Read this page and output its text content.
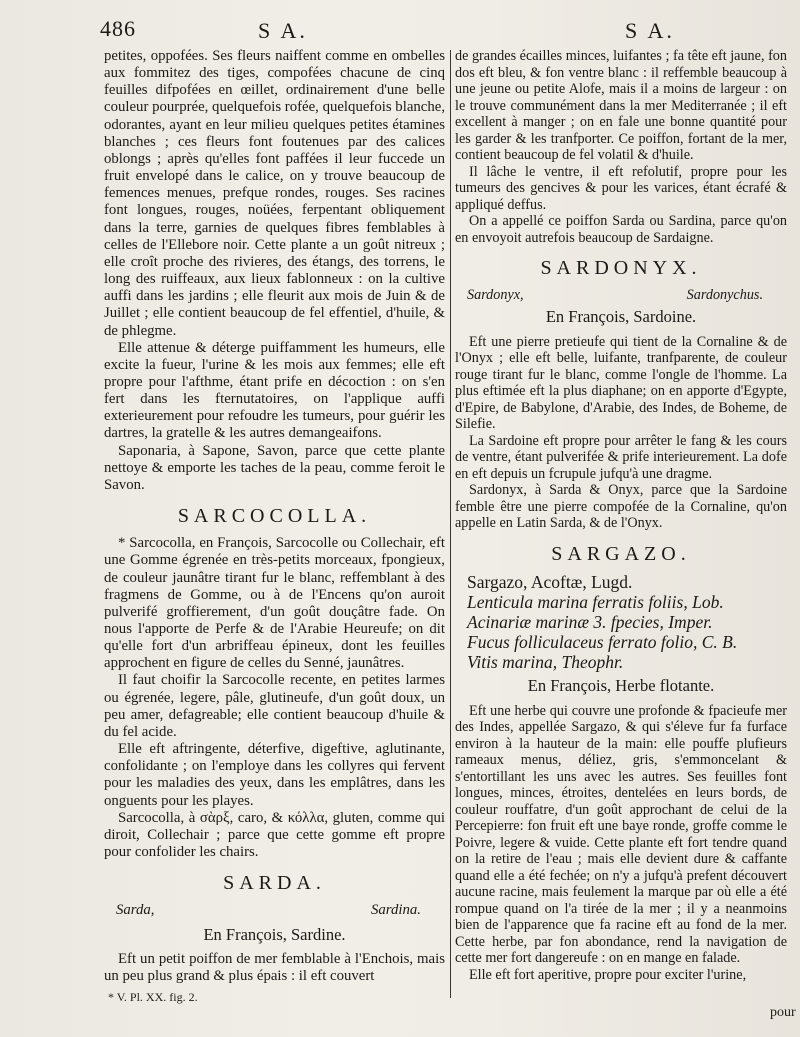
486	S A.	S A.

petites, oppofées. Ses fleurs naiffent comme en ombelles aux fommitez des tiges, compofées chacune de cinq feuilles difpofées en œillet, ordinairement d'une belle couleur pourprée, quelquefois rofée, quelquefois blanche, odorantes, ayant en leur milieu quelques petites étamines blanches ; ces fleurs font foutenues par des calices oblongs ; après qu'elles font paffées il leur fuccede un fruit envelopé dans le calice, on y trouve beaucoup de femences menues, prefque rondes, rouges. Ses racines font longues, rouges, noüées, ferpentant obliquement dans la terre, garnies de quelques fibres femblables à celles de l'Ellebore noir. Cette plante a un goût nitreux ; elle croît proche des rivieres, des étangs, des torrens, le long des ruiffeaux, aux lieux fablonneux : on la cultive auffi dans les jardins ; elle fleurit aux mois de Juin & de Juillet ; elle contient beaucoup de fel effentiel, d'huile, & de phlegme.

Elle attenue & déterge puiffamment les humeurs, elle excite la fueur, l'urine & les mois aux femmes; elle eft propre pour l'afthme, étant prife en décoction : on s'en fert dans les fternutatoires, on l'applique auffi exterieurement pour refoudre les tumeurs, pour guérir les dartres, la gratelle & les autres demangeaifons.

Saponaria, à Sapone, Savon, parce que cette plante nettoye & emporte les taches de la peau, comme feroit le Savon.

SARCOCOLLA.

* Sarcocolla, en François, Sarcocolle ou Collechair, eft une Gomme égrenée en très-petits morceaux, fpongieux, de couleur jaunâtre tirant fur le blanc, reffemblant à des fragmens de Gomme, ou à de l'Encens qu'on auroit pulverifé groffierement, d'un goût douçâtre fade. On nous l'apporte de Perfe & de l'Arabie Heureufe; on dit qu'elle fort d'un arbriffeau épineux, dont les feuilles approchent en figure de celles du Senné, jaunâtres.

Il faut choifir la Sarcocolle recente, en petites larmes ou égrenée, legere, pâle, glutineufe, d'un goût doux, un peu amer, defagreable; elle contient beaucoup d'huile & du fel acide.

Elle eft aftringente, déterfive, digeftive, aglutinante, confolidante ; on l'employe dans les collyres qui fervent pour les maladies des yeux, dans les emplâtres, dans les onguents pour les playes.

Sarcocolla, à σὰρξ, caro, & κόλλα, gluten, comme qui diroit, Collechair ; parce que cette gomme eft propre pour confolider les chairs.

SARDA.
Sarda,	Sardina.
En François, Sardine.

Eft un petit poiffon de mer femblable à l'Enchois, mais un peu plus grand & plus épais : il eft couvert

de grandes écailles minces, luifantes ; fa tête eft jaune, fon dos eft bleu, & fon ventre blanc : il reffemble beaucoup à une jeune ou petite Alofe, mais il a moins de largeur : on le trouve communément dans la mer Mediterranée ; il eft excellent à manger ; on en fale une bonne quantité pour les garder & les tranfporter. Ce poiffon, fortant de la mer, contient beaucoup de fel volatil & d'huile.

Il lâche le ventre, il eft refolutif, propre pour les tumeurs des gencives & pour les varices, étant écrafé & appliqué deffus.

On a appellé ce poiffon Sarda ou Sardina, parce qu'on en envoyoit autrefois beaucoup de Sardaigne.

SARDONYX.
Sardonyx,	Sardonychus.
En François, Sardoine.

Eft une pierre pretieufe qui tient de la Cornaline & de l'Onyx ; elle eft belle, luifante, tranfparente, de couleur rouge tirant fur le blanc, comme l'ongle de l'homme. La plus eftimée eft la plus diaphane; on en apporte d'Egypte, d'Epire, de Babylone, d'Arabie, des Indes, de Boheme, de Silefie.

La Sardoine eft propre pour arrêter le fang & les cours de ventre, étant pulverifée & prife interieurement. La dofe en eft depuis un fcrupule jufqu'à une dragme.

Sardonyx, à Sarda & Onyx, parce que la Sardoine femble être une pierre compofée de la Cornaline, qu'on appelle en Latin Sarda, & de l'Onyx.

SARGAZO.

Sargazo, Acoftæ, Lugd.

Lenticula marina ferratis foliis, Lob.

Acinariæ marinæ 3. fpecies, Imper.

Fucus folliculaceus ferrato folio, C. B.

Vitis marina, Theophr.

En François, Herbe flotante.

Eft une herbe qui couvre une profonde & fpacieufe mer des Indes, appellée Sargazo, & qui s'éleve fur fa furface environ à la hauteur de la main: elle pouffe plufieurs rameaux menus, déliez, gris, s'emmoncelant & s'entortillant les uns avec les autres. Ses feuilles font longues, minces, étroites, dentelées en leurs bords, de couleur rouffatre, d'un goût approchant de celui de la Percepierre: fon fruit eft une baye ronde, groffe comme le Poivre, legere & vuide. Cette plante eft fort tendre quand on la retire de l'eau ; mais elle devient dure & caffante quand elle a été fechée; on n'y a jufqu'à prefent découvert aucune racine, mais feulement la marque par où elle a été rompue quand on l'a tirée de la mer ; il y a neanmoins bien de l'apparence que fa racine eft au fond de la mer. Cette herbe, par fon abondance, rend la navigation de cette mer fort dangereufe : on en mange en falade.

Elle eft fort aperitive, propre pour exciter l'urine,

* V. Pl. XX. fig. 2.
pour
